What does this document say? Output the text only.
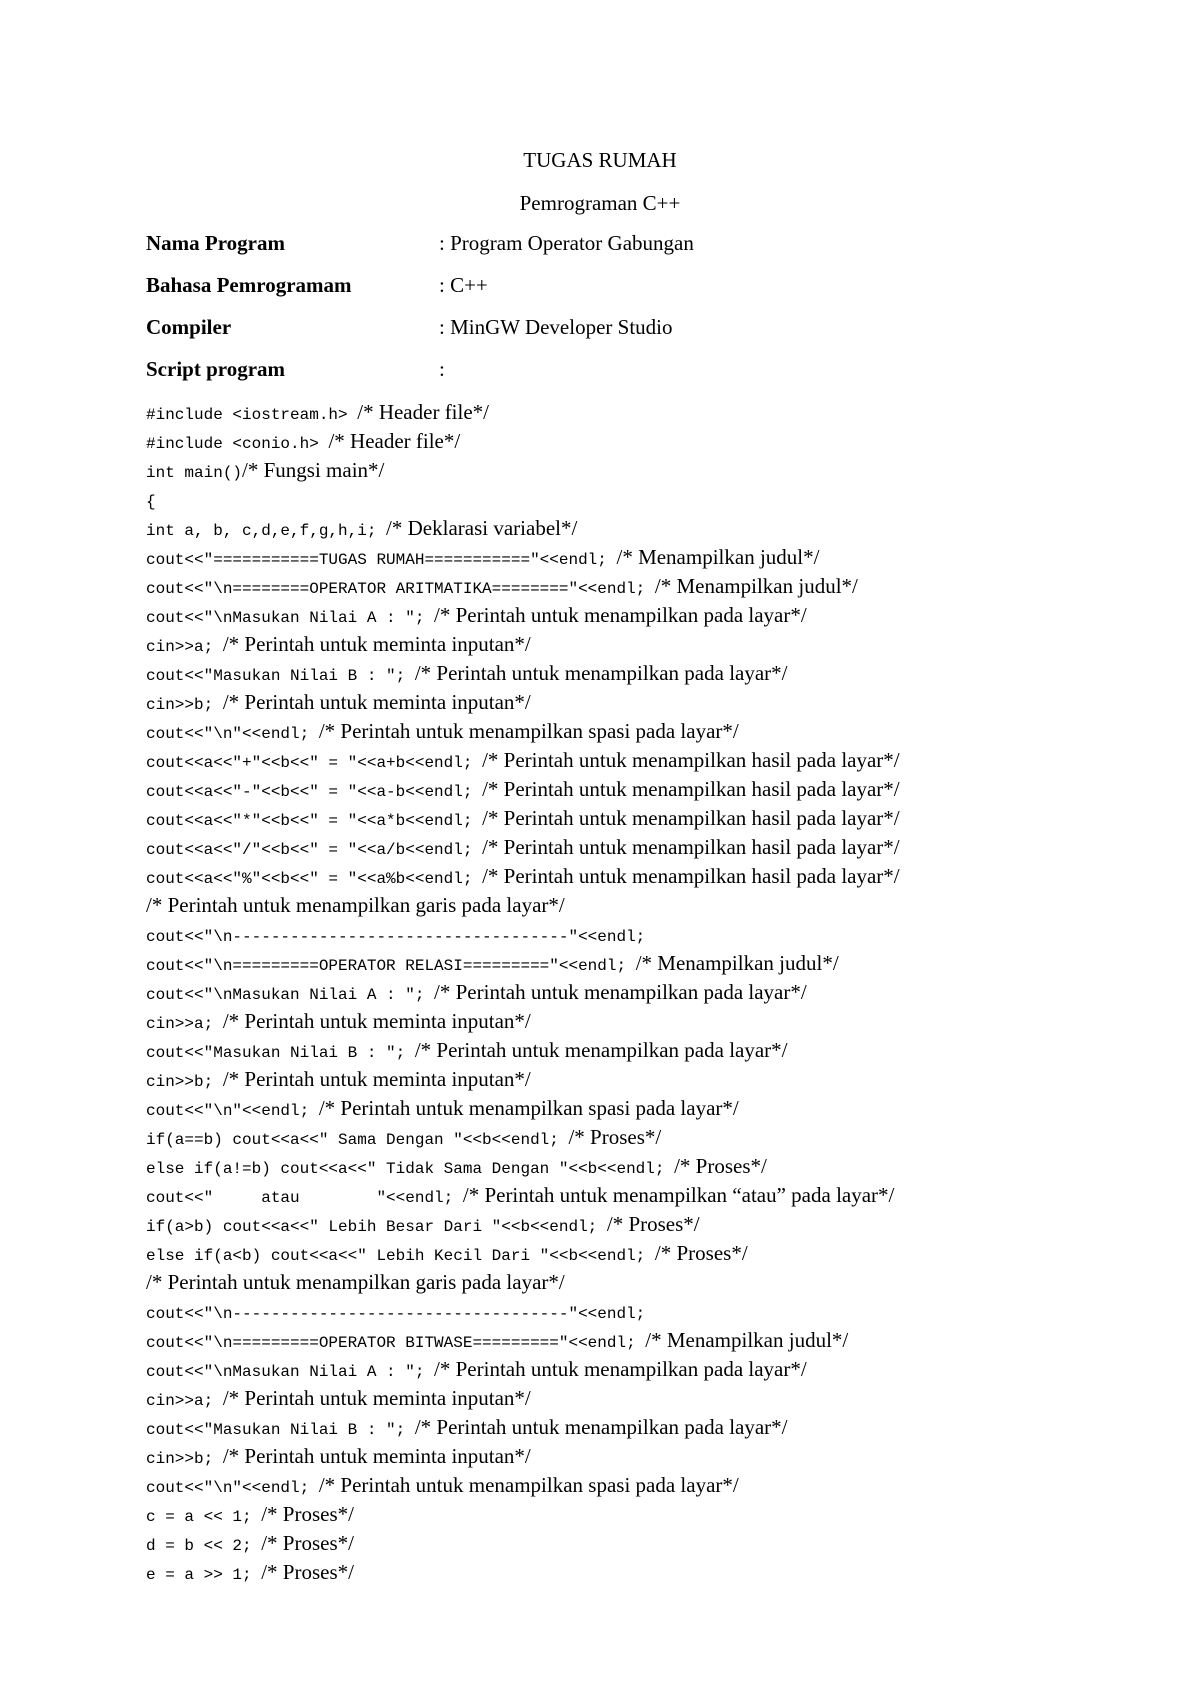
TUGAS RUMAH
Pemrograman C++
Nama Program	: Program Operator Gabungan
Bahasa Pemrogramam	: C++
Compiler	: MinGW Developer Studio
Script program	:
#include <iostream.h> /* Header file*/
#include <conio.h> /* Header file*/
int main()/* Fungsi main*/
{
int a, b, c,d,e,f,g,h,i; /* Deklarasi variabel*/
cout<<"===========TUGAS RUMAH==========="<<endl; /* Menampilkan judul*/
cout<<"\n========OPERATOR ARITMATIKA========"<<endl; /* Menampilkan judul*/
cout<<"\nMasukan Nilai A : "; /* Perintah untuk menampilkan pada layar*/
cin>>a; /* Perintah untuk meminta inputan*/
cout<<"Masukan Nilai B : "; /* Perintah untuk menampilkan pada layar*/
cin>>b; /* Perintah untuk meminta inputan*/
cout<<"\n"<<endl; /* Perintah untuk menampilkan spasi pada layar*/
cout<<a<<"+"<<b<<" = "<<a+b<<endl; /* Perintah untuk menampilkan hasil pada layar*/
cout<<a<<"-"<<b<<" = "<<a-b<<endl; /* Perintah untuk menampilkan hasil pada layar*/
cout<<a<<"*"<<b<<" = "<<a*b<<endl; /* Perintah untuk menampilkan hasil pada layar*/
cout<<a<<"/"<<b<<" = "<<a/b<<endl; /* Perintah untuk menampilkan hasil pada layar*/
cout<<a<<"%"<<b<<" = "<<a%b<<endl; /* Perintah untuk menampilkan hasil pada layar*/
/* Perintah untuk menampilkan garis pada layar*/
cout<<"\n-----------------------------------"<<endl;
cout<<"\n=========OPERATOR RELASI========="<<endl; /* Menampilkan judul*/
cout<<"\nMasukan Nilai A : "; /* Perintah untuk menampilkan pada layar*/
cin>>a; /* Perintah untuk meminta inputan*/
cout<<"Masukan Nilai B : "; /* Perintah untuk menampilkan pada layar*/
cin>>b; /* Perintah untuk meminta inputan*/
cout<<"\n"<<endl; /* Perintah untuk menampilkan spasi pada layar*/
if(a==b) cout<<a<<" Sama Dengan "<<b<<endl; /* Proses*/
else if(a!=b) cout<<a<<" Tidak Sama Dengan "<<b<<endl; /* Proses*/
cout<<"     atau        "<<endl; /* Perintah untuk menampilkan “atau” pada layar*/
if(a>b) cout<<a<<" Lebih Besar Dari "<<b<<endl; /* Proses*/
else if(a<b) cout<<a<<" Lebih Kecil Dari "<<b<<endl; /* Proses*/
/* Perintah untuk menampilkan garis pada layar*/
cout<<"\n-----------------------------------"<<endl;
cout<<"\n=========OPERATOR BITWASE========="<<endl; /* Menampilkan judul*/
cout<<"\nMasukan Nilai A : "; /* Perintah untuk menampilkan pada layar*/
cin>>a; /* Perintah untuk meminta inputan*/
cout<<"Masukan Nilai B : "; /* Perintah untuk menampilkan pada layar*/
cin>>b; /* Perintah untuk meminta inputan*/
cout<<"\n"<<endl; /* Perintah untuk menampilkan spasi pada layar*/
c = a << 1; /* Proses*/
d = b << 2; /* Proses*/
e = a >> 1; /* Proses*/
